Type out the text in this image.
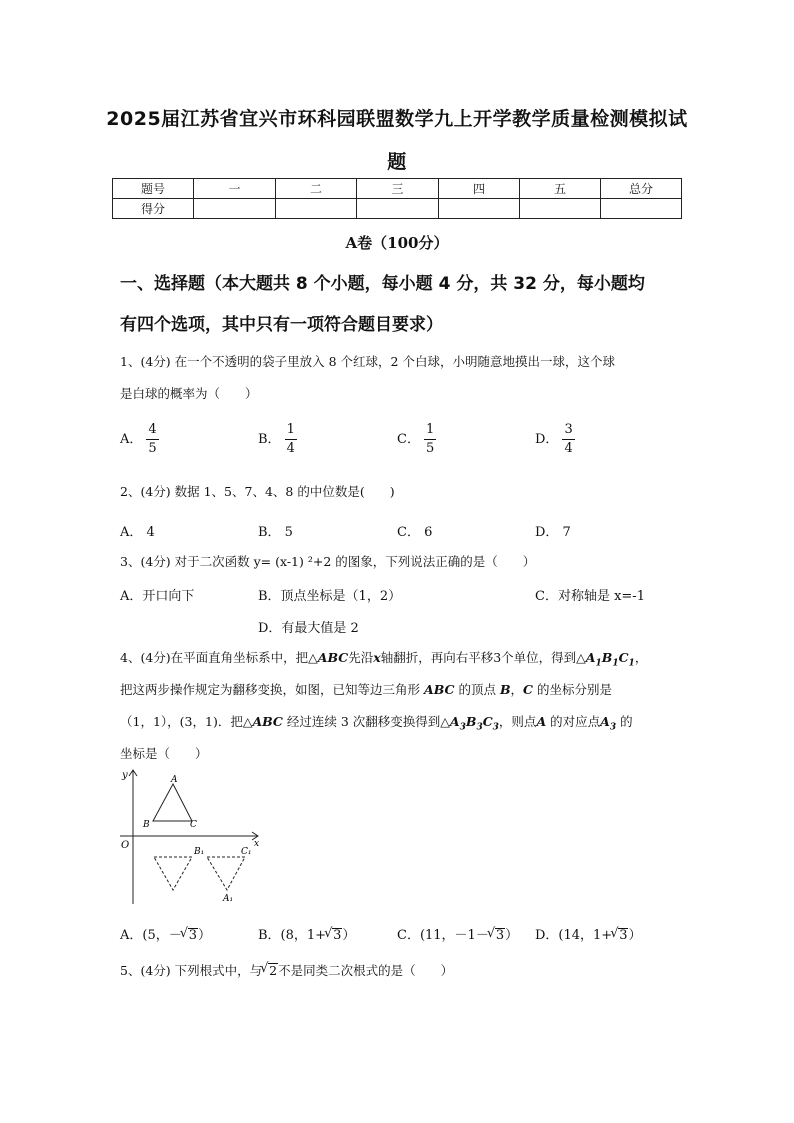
2025届江苏省宜兴市环科园联盟数学九上开学教学质量检测模拟试
题
题号	一	二	三	四	五	总分
得分						
A卷（100分）
一、选择题（本大题共 8 个小题，每小题 4 分，共 32 分，每小题均
有四个选项，其中只有一项符合题目要求）
1、(4分) 在一个不透明的袋子里放入 8 个红球，2 个白球，小明随意地摸出一球，这个球
是白球的概率为（　　）
A． $\frac{4}{5}$	B． $\frac{1}{4}$	C． $\frac{1}{5}$	D． $\frac{3}{4}$
2、(4分) 数据 1、5、7、4、8 的中位数是(　　)
A． 4	B． 5	C． 6	D． 7
3、(4分) 对于二次函数 y= (x-1) ²+2 的图象，下列说法正确的是（　　）
A．开口向下	B．顶点坐标是（1，2）	C．对称轴是 x=-1
D．有最大值是 2
4、(4分)在平面直角坐标系中，把△ABC先沿x轴翻折，再向右平移3个单位，得到$\triangle A_1B_1C_1$，
把这两步操作规定为翻移变换，如图，已知等边三角形 ABC 的顶点 B，C 的坐标分别是
（1，1），(3，1)．把△ABC 经过连续 3 次翻移变换得到$\triangle A_3B_3C_3$，则点A 的对应点$A_3$ 的
坐标是（　　）
y
x
O
A
B	C
B₁	C₁
A₁
A．(5，－ √ 3）	B．(8，1+ √ 3）	C．(11，－1－ √ 3） D．(14，1+ √ 3）
5、(4分) 下列根式中，与 √ 2不是同类二次根式的是（　　）
